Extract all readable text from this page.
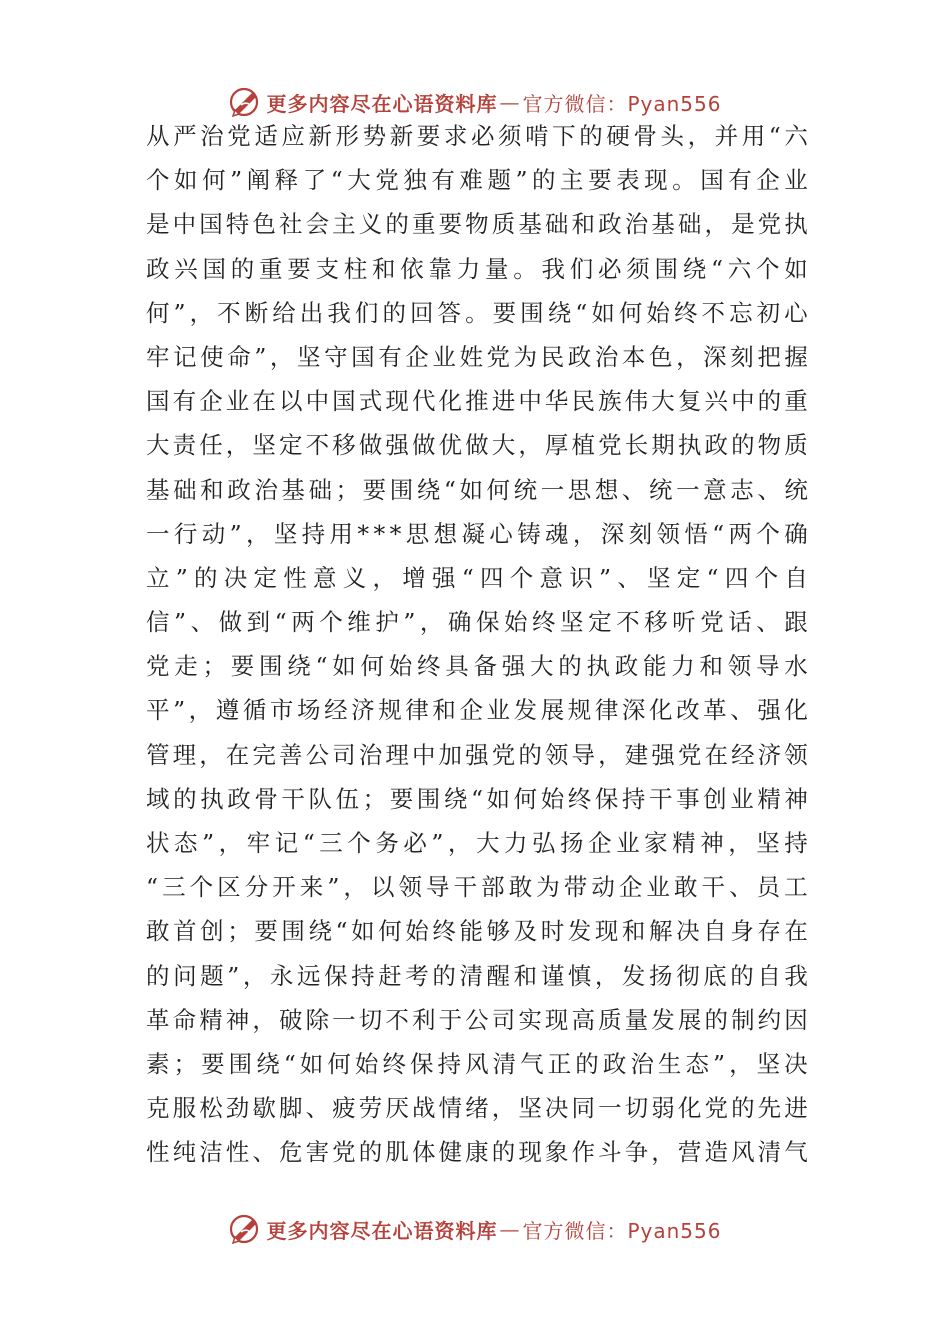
更多内容尽在心语资料库 — 官方微信：Pyan556
从 严 治 党 适 应 新 形 势 新 要 求 必 须 啃 下 的 硬 骨 头 ， 并 用 “ 六
个 如 何 ” 阐 释 了 “ 大 党 独 有 难 题 ” 的 主 要 表 现 。 国 有 企 业
是 中 国 特 色 社 会 主 义 的 重 要 物 质 基 础 和 政 治 基 础 ， 是 党 执
政 兴 国 的 重 要 支 柱 和 依 靠 力 量 。 我 们 必 须 围 绕 “ 六 个 如
何 ” ， 不 断 给 出 我 们 的 回 答 。 要 围 绕 “ 如 何 始 终 不 忘 初 心
牢 记 使 命 ” ， 坚 守 国 有 企 业 姓 党 为 民 政 治 本 色 ， 深 刻 把 握
国 有 企 业 在 以 中 国 式 现 代 化 推 进 中 华 民 族 伟 大 复 兴 中 的 重
大 责 任 ， 坚 定 不 移 做 强 做 优 做 大 ， 厚 植 党 长 期 执 政 的 物 质
基 础 和 政 治 基 础 ； 要 围 绕 “ 如 何 统 一 思 想 、 统 一 意 志 、 统
一 行 动 ” ， 坚 持 用 * * * 思 想 凝 心 铸 魂 ， 深 刻 领 悟 “ 两 个 确
立 ” 的 决 定 性 意 义 ， 增 强 “ 四 个 意 识 ” 、 坚 定 “ 四 个 自
信 ” 、 做 到 “ 两 个 维 护 ” ， 确 保 始 终 坚 定 不 移 听 党 话 、 跟
党 走 ； 要 围 绕 “ 如 何 始 终 具 备 强 大 的 执 政 能 力 和 领 导 水
平 ” ， 遵 循 市 场 经 济 规 律 和 企 业 发 展 规 律 深 化 改 革 、 强 化
管 理 ， 在 完 善 公 司 治 理 中 加 强 党 的 领 导 ， 建 强 党 在 经 济 领
域 的 执 政 骨 干 队 伍 ； 要 围 绕 “ 如 何 始 终 保 持 干 事 创 业 精 神
状 态 ” ， 牢 记 “ 三 个 务 必 ” ， 大 力 弘 扬 企 业 家 精 神 ， 坚 持
“ 三 个 区 分 开 来 ” ， 以 领 导 干 部 敢 为 带 动 企 业 敢 干 、 员 工
敢 首 创 ； 要 围 绕 “ 如 何 始 终 能 够 及 时 发 现 和 解 决 自 身 存 在
的 问 题 ” ， 永 远 保 持 赶 考 的 清 醒 和 谨 慎 ， 发 扬 彻 底 的 自 我
革 命 精 神 ， 破 除 一 切 不 利 于 公 司 实 现 高 质 量 发 展 的 制 约 因
素 ； 要 围 绕 “ 如 何 始 终 保 持 风 清 气 正 的 政 治 生 态 ” ， 坚 决
克 服 松 劲 歇 脚 、 疲 劳 厌 战 情 绪 ， 坚 决 同 一 切 弱 化 党 的 先 进
性 纯 洁 性 、 危 害 党 的 肌 体 健 康 的 现 象 作 斗 争 ， 营 造 风 清 气
更多内容尽在心语资料库 — 官方微信：Pyan556
